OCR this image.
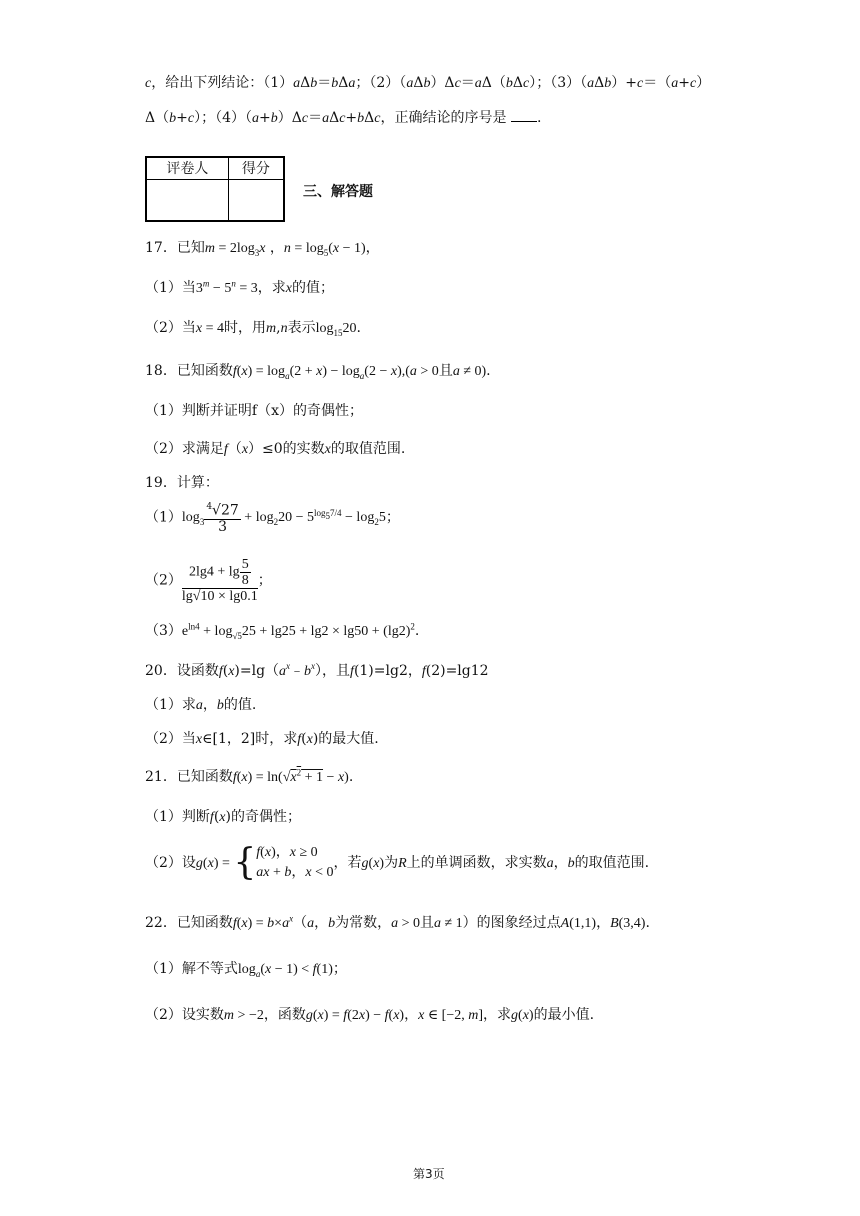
c，给出下列结论：（1）aΔb＝bΔa；（2）（aΔb）Δc＝aΔ（bΔc）；（3）（aΔb）+c＝（a+c）
Δ（b+c）；（4）（a+b）Δc＝aΔc+bΔc，正确结论的序号是 .
评卷人	得分

三、解答题
17．已知$m = 2\log_3x$ ，$n = \log_5(x - 1)$，
（1）当$3^m - 5^n = 3$，求x的值；
（2）当x = 4时，用m,n表示$\log_{15}20$.
18．已知函数$f(x) = \log_a(2 + x) - \log_a(2 - x),(a > 0$且a ≠ 0).
（1）判断并证明f（x）的奇偶性；
（2）求满足f（x）≤0的实数x的取值范围.
19．计算：
$(1)\log_3 \frac{^4√27}{3} + \log_220 - 5^{log_57/4} - \log_25$；
$(2) \frac{2\lg 4 + \lg \frac{5}{8}}{\lg√10 \times \lg 0.1}$ ；
$(3)e^{ln4} + \log_{√5}25 + \lg 25 + \lg 2 \times \lg 50 + (\lg 2)^2$.
20．设函数$f(x)=\lg(a^x﹣b^x)$，且f(1)=lg2，f(2)=lg12
（1）求a，b的值.
（2）当x∈[1，2]时，求f(x)的最大值.
21．已知函数$f(x) = \ln(√x^2 + 1 - x)$.
（1）判断f(x)的奇偶性；
（2）设g(x) = { f(x)，x ≥ 0
ax + b，x < 0
，若g(x)为R上的单调函数，求实数a，b的取值范围.
22．已知函数$f(x) = b\times a^x(a$，b为常数，a > 0且a ≠ 1）的图象经过点A(1,1)，B(3,4).
（1）解不等式$\log_a(x - 1) < f(1)$；
（2）设实数m > −2，函数g(x) = f(2x) − f(x)，x ∈ [−2, m]，求g(x)的最小值.
第3页
